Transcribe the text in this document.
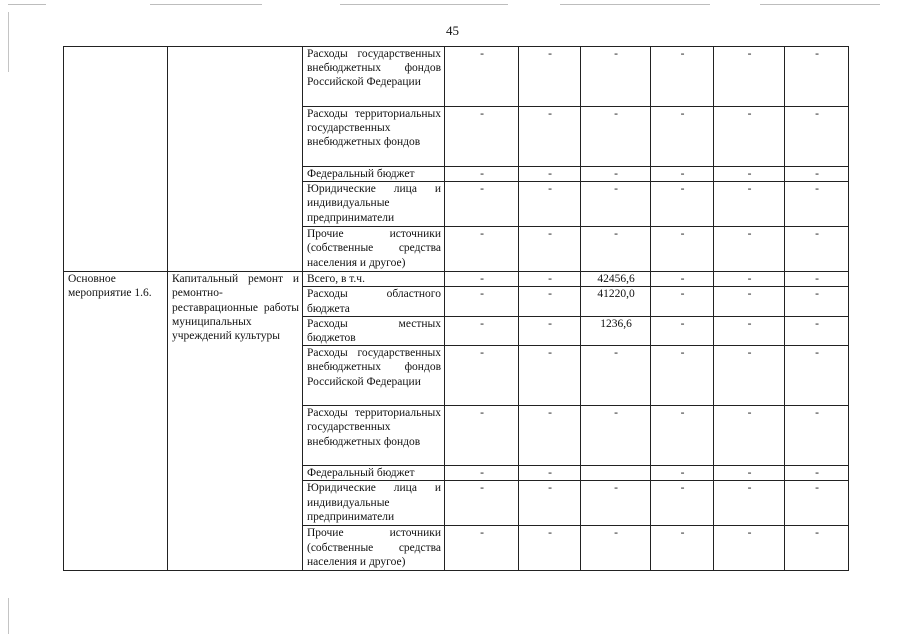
45
		Расходы государственных внебюджетных фондов Российской Федерации	-	-	-	-	-	-
		Расходы территориальных государственных внебюджетных фондов	-	-	-	-	-	-
		Федеральный бюджет	-	-	-	-	-	-
		Юридические лица и индивидуальные предприниматели	-	-	-	-	-	-
		Прочие источники (собственные средства населения и другое)	-	-	-	-	-	-
Основное мероприятие 1.6.	Капитальный ремонт и ремонтно-реставрационные работы муниципальных учреждений культуры	Всего, в т.ч.	-	-	42456,6	-	-	-
		Расходы областного бюджета	-	-	41220,0	-	-	-
		Расходы местных бюджетов	-	-	1236,6	-	-	-
		Расходы государственных внебюджетных фондов Российской Федерации	-	-	-	-	-	-
		Расходы территориальных государственных внебюджетных фондов	-	-	-	-	-	-
		Федеральный бюджет	-	-		-	-	-
		Юридические лица и индивидуальные предприниматели	-	-	-	-	-	-
		Прочие источники (собственные средства населения и другое)	-	-	-	-	-	-
